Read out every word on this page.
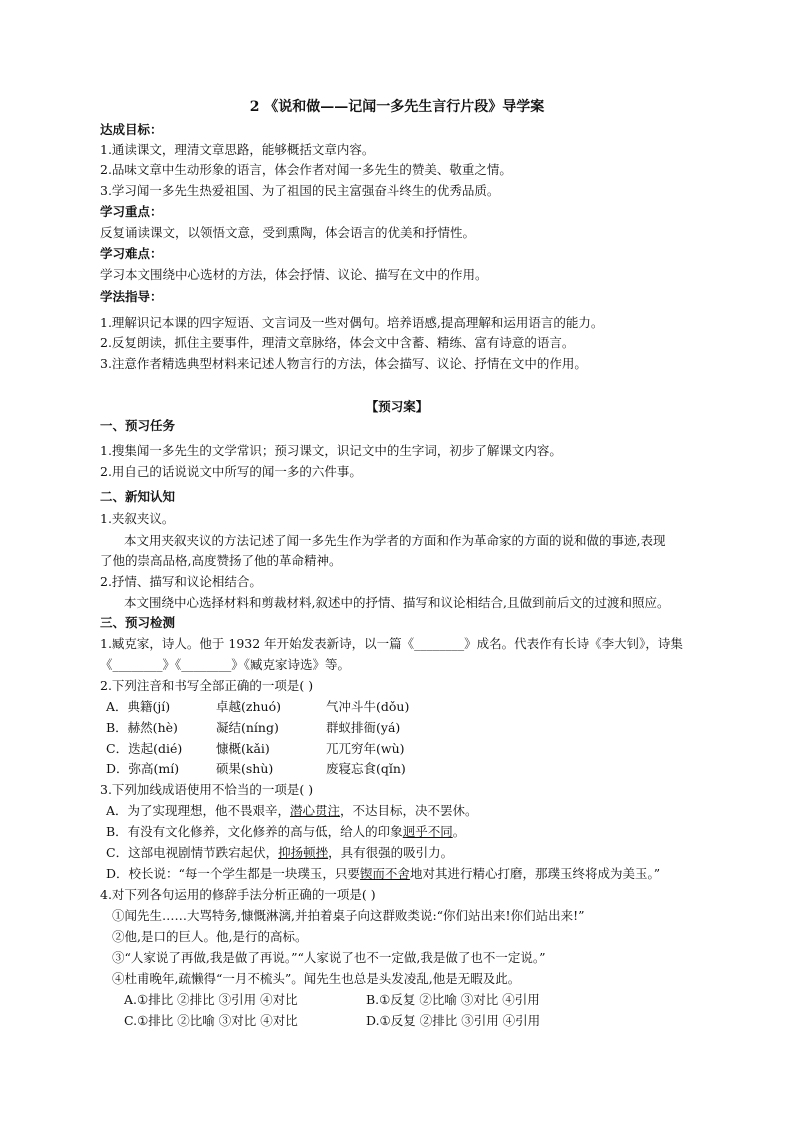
2 《说和做——记闻一多先生言行片段》导学案
达成目标：
1.通读课文，理清文章思路，能够概括文章内容。
2.品味文章中生动形象的语言，体会作者对闻一多先生的赞美、敬重之情。
3.学习闻一多先生热爱祖国、为了祖国的民主富强奋斗终生的优秀品质。
学习重点：
反复诵读课文，以领悟文意，受到熏陶，体会语言的优美和抒情性。
学习难点：
学习本文围绕中心选材的方法，体会抒情、议论、描写在文中的作用。
学法指导：
1.理解识记本课的四字短语、文言词及一些对偶句。培养语感,提高理解和运用语言的能力。
2.反复朗读，抓住主要事件，理清文章脉络，体会文中含蓄、精练、富有诗意的语言。
3.注意作者精选典型材料来记述人物言行的方法，体会描写、议论、抒情在文中的作用。
【预习案】
一、预习任务
1.搜集闻一多先生的文学常识；预习课文，识记文中的生字词，初步了解课文内容。
2.用自己的话说说文中所写的闻一多的六件事。
二、新知认知
1.夹叙夹议。
本文用夹叙夹议的方法记述了闻一多先生作为学者的方面和作为革命家的方面的说和做的事迹,表现
了他的崇高品格,高度赞扬了他的革命精神。
2.抒情、描写和议论相结合。
本文围绕中心选择材料和剪裁材料,叙述中的抒情、描写和议论相结合,且做到前后文的过渡和照应。
三、预习检测
1.臧克家，诗人。他于 1932 年开始发表新诗，以一篇《________》成名。代表作有长诗《李大钊》，诗集
《________》《________》《臧克家诗选》等。
2.下列注音和书写全部正确的一项是( )
A．典籍(jí)	卓越(zhuó)	气冲斗牛(dǒu)
B．赫然(hè)	凝结(níng)	群蚁排衙(yá)
C．迭起(dié)	慷概(kǎi)	兀兀穷年(wù)
D．弥高(mí)	硕果(shù)	废寝忘食(qǐn)
3.下列加线成语使用不恰当的一项是( )
A．为了实现理想，他不畏艰辛，潜心贯注，不达目标，决不罢休。
B．有没有文化修养，文化修养的高与低，给人的印象迥乎不同。
C．这部电视剧情节跌宕起伏，抑扬顿挫，具有很强的吸引力。
D．校长说：“每一个学生都是一块璞玉，只要锲而不舍地对其进行精心打磨，那璞玉终将成为美玉。”
4.对下列各句运用的修辞手法分析正确的一项是( )
①闻先生……大骂特务,慷慨淋漓,并拍着桌子向这群败类说:“你们站出来!你们站出来!”
②他,是口的巨人。他,是行的高标。
③“人家说了再做,我是做了再说。”“人家说了也不一定做,我是做了也不一定说。”
④杜甫晚年,疏懒得“一月不梳头”。闻先生也总是头发凌乱,他是无暇及此。
A.①排比 ②排比 ③引用 ④对比	B.①反复 ②比喻 ③对比 ④引用
C.①排比 ②比喻 ③对比 ④对比	D.①反复 ②排比 ③引用 ④引用
